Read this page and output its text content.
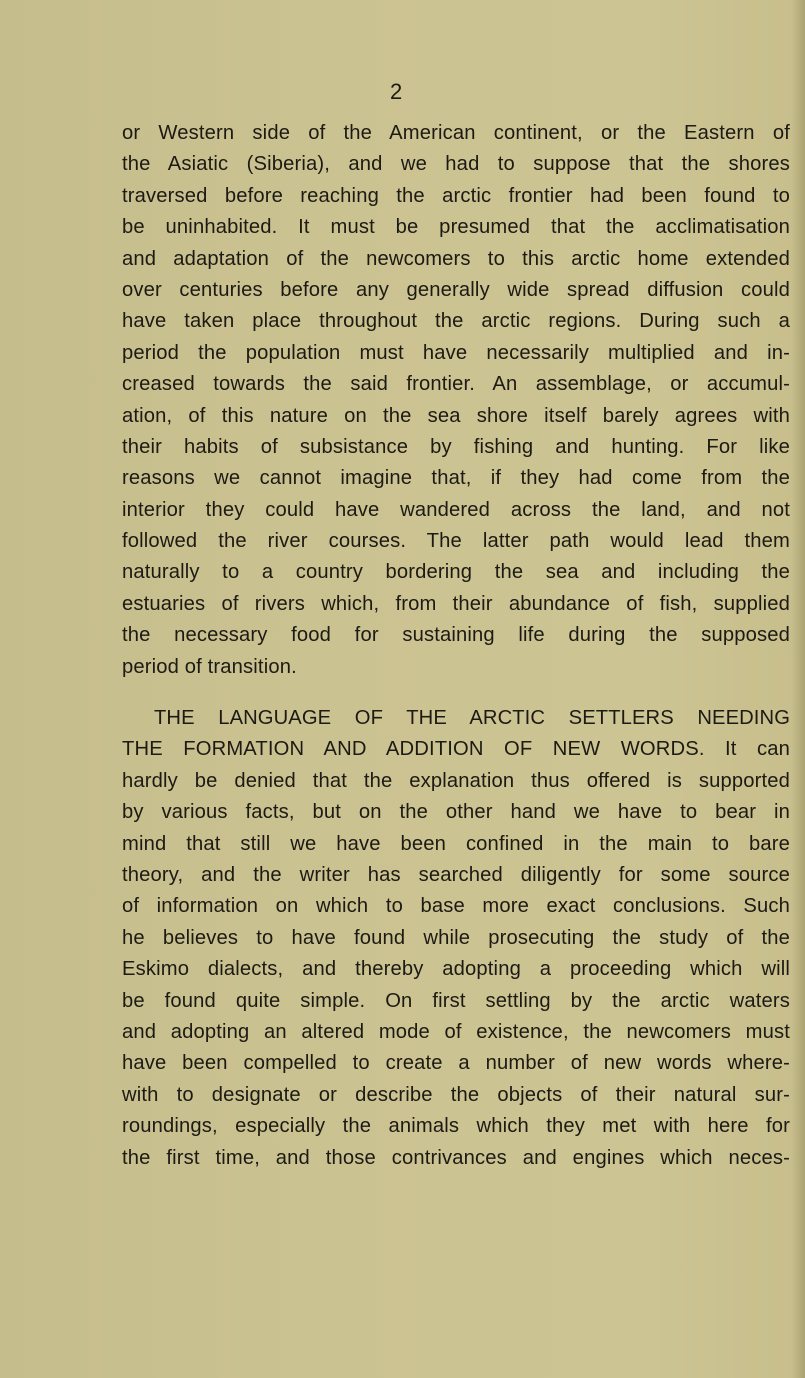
2
or Western side of the American continent, or the Eastern of
the Asiatic (Siberia), and we had to suppose that the shores
traversed before reaching the arctic frontier had been found to
be uninhabited. It must be presumed that the acclimatisation
and adaptation of the newcomers to this arctic home extended
over centuries before any generally wide spread diffusion could
have taken place throughout the arctic regions. During such a
period the population must have necessarily multiplied and in-
creased towards the said frontier. An assemblage, or accumul-
ation, of this nature on the sea shore itself barely agrees with
their habits of subsistance by fishing and hunting. For like
reasons we cannot imagine that, if they had come from the
interior they could have wandered across the land, and not
followed the river courses. The latter path would lead them
naturally to a country bordering the sea and including the
estuaries of rivers which, from their abundance of fish, supplied
the necessary food for sustaining life during the supposed
period of transition.
THE LANGUAGE OF THE ARCTIC SETTLERS NEEDING
THE FORMATION AND ADDITION OF NEW WORDS. It can
hardly be denied that the explanation thus offered is supported
by various facts, but on the other hand we have to bear in
mind that still we have been confined in the main to bare
theory, and the writer has searched diligently for some source
of information on which to base more exact conclusions. Such
he believes to have found while prosecuting the study of the
Eskimo dialects, and thereby adopting a proceeding which will
be found quite simple. On first settling by the arctic waters
and adopting an altered mode of existence, the newcomers must
have been compelled to create a number of new words where-
with to designate or describe the objects of their natural sur-
roundings, especially the animals which they met with here for
the first time, and those contrivances and engines which neces-
